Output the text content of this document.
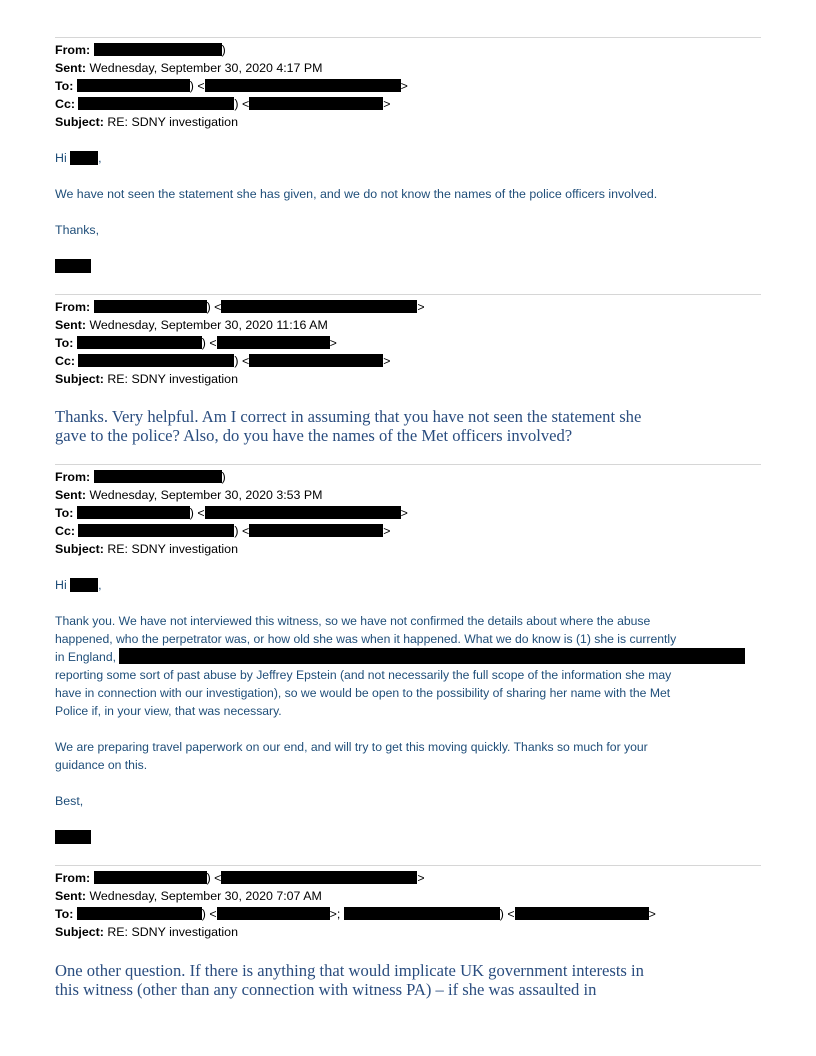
From:	)
Sent: Wednesday, September 30, 2020 4:17 PM
To:	) <	>
Cc:	) <	>
Subject: RE: SDNY investigation

Hi	,

We have not seen the statement she has given, and we do not know the names of the police officers involved.
Thanks,
From:	) <	>
Sent: Wednesday, September 30, 2020 11:16 AM
To:	) <	>
Cc:	) <	>
Subject: RE: SDNY investigation
Thanks. Very helpful. Am I correct in assuming that you have not seen the statement she
gave to the police? Also, do you have the names of the Met officers involved?
From:	)
Sent: Wednesday, September 30, 2020 3:53 PM
To:	) <	>
Cc:	) <	>
Subject: RE: SDNY investigation

Hi	,

Thank you. We have not interviewed this witness, so we have not confirmed the details about where the abuse
happened, who the perpetrator was, or how old she was when it happened. What we do know is (1) she is currently
in England,
reporting some sort of past abuse by Jeffrey Epstein (and not necessarily the full scope of the information she may
have in connection with our investigation), so we would be open to the possibility of sharing her name with the Met
Police if, in your view, that was necessary.
We are preparing travel paperwork on our end, and will try to get this moving quickly. Thanks so much for your
guidance on this.
Best,
From:	) <	>
Sent: Wednesday, September 30, 2020 7:07 AM
To:	) <	>;	) <	>
Subject: RE: SDNY investigation
One other question. If there is anything that would implicate UK government interests in
this witness (other than any connection with witness PA) – if she was assaulted in
